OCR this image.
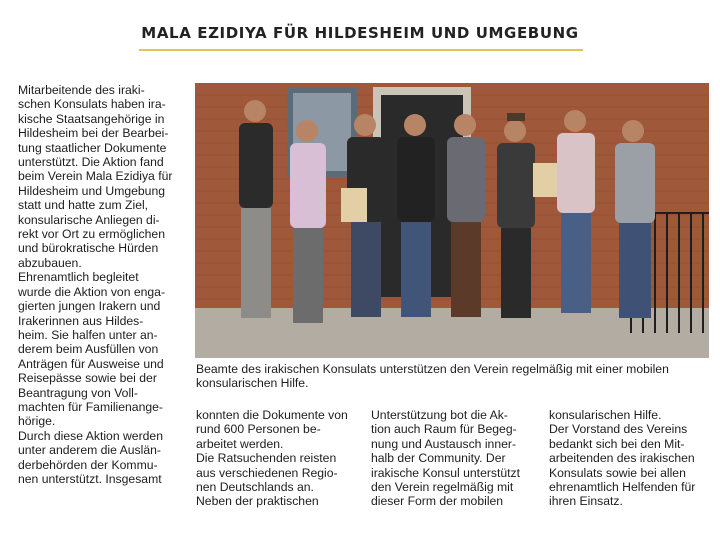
MALA EZIDIYA FÜR HILDESHEIM UND UMGEBUNG

Mitarbeitende des iraki-

schen Konsulats haben ira-

kische Staatsangehörige in

Hildesheim bei der Bearbei-

tung staatlicher Dokumente

unterstützt. Die Aktion fand

beim Verein Mala Ezidiya für

Hildesheim und Umgebung

statt und hatte zum Ziel,

konsularische Anliegen di-

rekt vor Ort zu ermöglichen

und bürokratische Hürden

abzubauen.

Ehrenamtlich begleitet

wurde die Aktion von enga-

gierten jungen Irakern und

Irakerinnen aus Hildes-

heim. Sie halfen unter an-

derem beim Ausfüllen von

Anträgen für Ausweise und

Reisepässe sowie bei der

Beantragung von Voll-

machten für Familienange-

hörige.

Durch diese Aktion werden

unter anderem die Auslän-

derbehörden der Kommu-

nen unterstützt. Insgesamt

Beamte des irakischen Konsulats unterstützen den Verein regelmäßig mit einer mobilen

konsularischen Hilfe.

konnten die Dokumente von

rund 600 Personen be-

arbeitet werden.

Die Ratsuchenden reisten

aus verschiedenen Regio-

nen Deutschlands an.

Neben der praktischen

Unterstützung bot die Ak-

tion auch Raum für Begeg-

nung und Austausch inner-

halb der Community. Der

irakische Konsul unterstützt

den Verein regelmäßig mit

dieser Form der mobilen

konsularischen Hilfe.

Der Vorstand des Vereins

bedankt sich bei den Mit-

arbeitenden des irakischen

Konsulats sowie bei allen

ehrenamtlich Helfenden für

ihren Einsatz.
